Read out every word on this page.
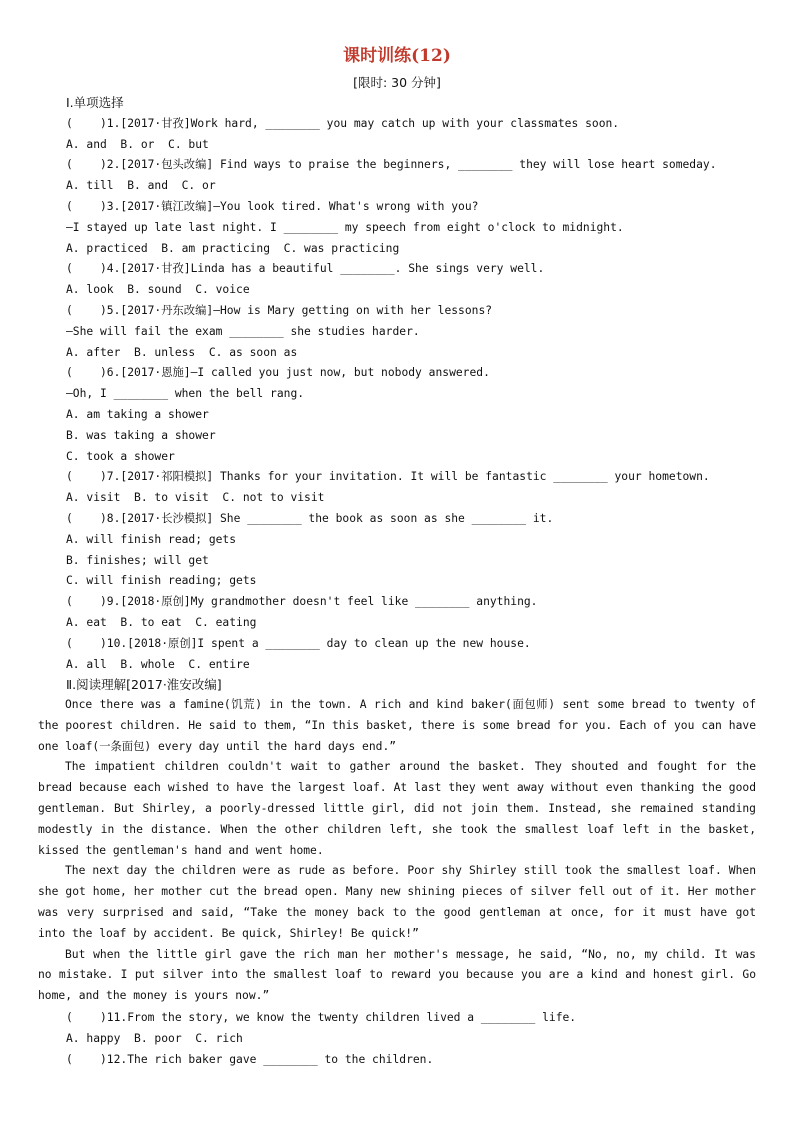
课时训练(12)
[限时: 30 分钟]
Ⅰ.单项选择
(    )1.[2017·甘孜]Work hard, ________ you may catch up with your classmates soon.
A. and  B. or  C. but
(    )2.[2017·包头改编] Find ways to praise the beginners, ________ they will lose heart someday.
A. till  B. and  C. or
(    )3.[2017·镇江改编]—You look tired. What's wrong with you?
—I stayed up late last night. I ________ my speech from eight o'clock to midnight.
A. practiced  B. am practicing  C. was practicing
(    )4.[2017·甘孜]Linda has a beautiful ________. She sings very well.
A. look  B. sound  C. voice
(    )5.[2017·丹东改编]—How is Mary getting on with her lessons?
—She will fail the exam ________ she studies harder.
A. after  B. unless  C. as soon as
(    )6.[2017·恩施]—I called you just now, but nobody answered.
—Oh, I ________ when the bell rang.
A. am taking a shower
B. was taking a shower
C. took a shower
(    )7.[2017·祁阳模拟] Thanks for your invitation. It will be fantastic ________ your hometown.
A. visit  B. to visit  C. not to visit
(    )8.[2017·长沙模拟] She ________ the book as soon as she ________ it.
A. will finish read; gets
B. finishes; will get
C. will finish reading; gets
(    )9.[2018·原创]My grandmother doesn't feel like ________ anything.
A. eat  B. to eat  C. eating
(    )10.[2018·原创]I spent a ________ day to clean up the new house.
A. all  B. whole  C. entire
Ⅱ.阅读理解[2017·淮安改编]

Once there was a famine(饥荒) in the town. A rich and kind baker(面包师) sent some bread to twenty of the poorest children. He said to them, “In this basket, there is some bread for you. Each of you can have one loaf(一条面包) every day until the hard days end.”

The impatient children couldn't wait to gather around the basket. They shouted and fought for the bread because each wished to have the largest loaf. At last they went away without even thanking the good gentleman. But Shirley, a poorly-dressed little girl, did not join them. Instead, she remained standing modestly in the distance. When the other children left, she took the smallest loaf left in the basket, kissed the gentleman's hand and went home.

The next day the children were as rude as before. Poor shy Shirley still took the smallest loaf. When she got home, her mother cut the bread open. Many new shining pieces of silver fell out of it. Her mother was very surprised and said, “Take the money back to the good gentleman at once, for it must have got into the loaf by accident. Be quick, Shirley! Be quick!”

But when the little girl gave the rich man her mother's message, he said, “No, no, my child. It was no mistake. I put silver into the smallest loaf to reward you because you are a kind and honest girl. Go home, and the money is yours now.”

(    )11.From the story, we know the twenty children lived a ________ life.
A. happy  B. poor  C. rich
(    )12.The rich baker gave ________ to the children.
